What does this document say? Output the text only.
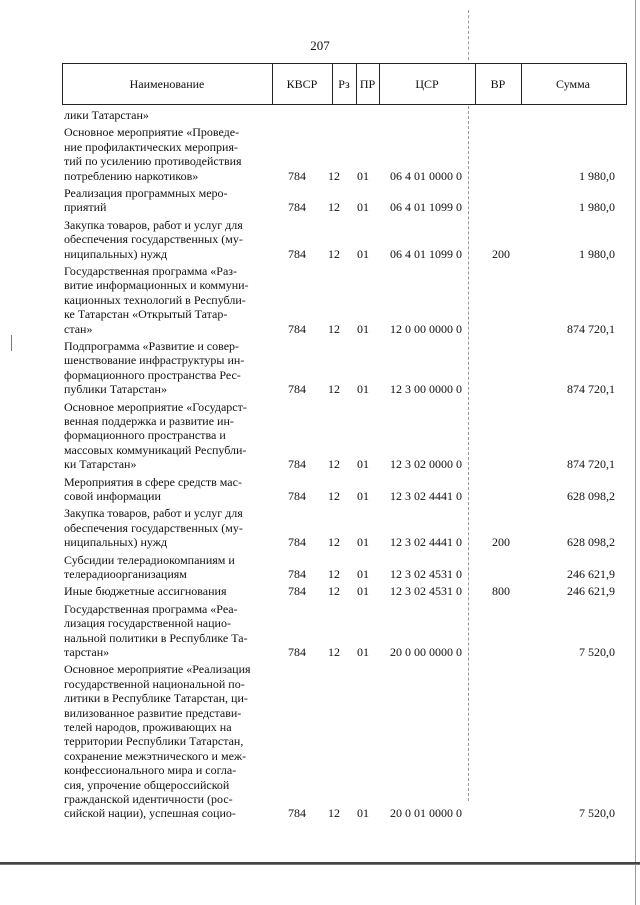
207
Наименование	КВСР	Рз ПР	ЦСР	ВР	Сумма
лики Татарстан»
Основное мероприятие «Проведе-
ние профилактических мероприя-
тий по усилению противодействия
потреблению наркотиков»	784	12	01	06 4 01 0000 0	1 980,0
Реализация программных меро-
приятий	784	12	01	06 4 01 1099 0	1 980,0
Закупка товаров, работ и услуг для
обеспечения государственных (му-
ниципальных) нужд	784	12	01	06 4 01 1099 0	200	1 980,0
Государственная программа «Раз-
витие информационных и коммуни-
кационных технологий в Республи-
ке Татарстан «Открытый Татар-
стан»	784	12	01	12 0 00 0000 0	874 720,1
Подпрограмма «Развитие и совер-
шенствование инфраструктуры ин-
формационного пространства Рес-
публики Татарстан»	784	12	01	12 3 00 0000 0	874 720,1
Основное мероприятие «Государст-
венная поддержка и развитие ин-
формационного пространства и
массовых коммуникаций Республи-
ки Татарстан»	784	12	01	12 3 02 0000 0	874 720,1
Мероприятия в сфере средств мас-
совой информации	784	12	01	12 3 02 4441 0	628 098,2
Закупка товаров, работ и услуг для
обеспечения государственных (му-
ниципальных) нужд	784	12	01	12 3 02 4441 0	200	628 098,2
Субсидии телерадиокомпаниям и
телерадиоорганизациям	784	12	01	12 3 02 4531 0	246 621,9
Иные бюджетные ассигнования	784	12	01	12 3 02 4531 0	800	246 621,9
Государственная программа «Реа-
лизация государственной нацио-
нальной политики в Республике Та-
тарстан»	784	12	01	20 0 00 0000 0	7 520,0
Основное мероприятие «Реализация
государственной национальной по-
литики в Республике Татарстан, ци-
вилизованное развитие представи-
телей народов, проживающих на
территории Республики Татарстан,
сохранение межэтнического и меж-
конфессионального мира и согла-
сия, упрочение общероссийской
гражданской идентичности (рос-
сийской нации), успешная социо-	784	12	01	20 0 01 0000 0	7 520,0
